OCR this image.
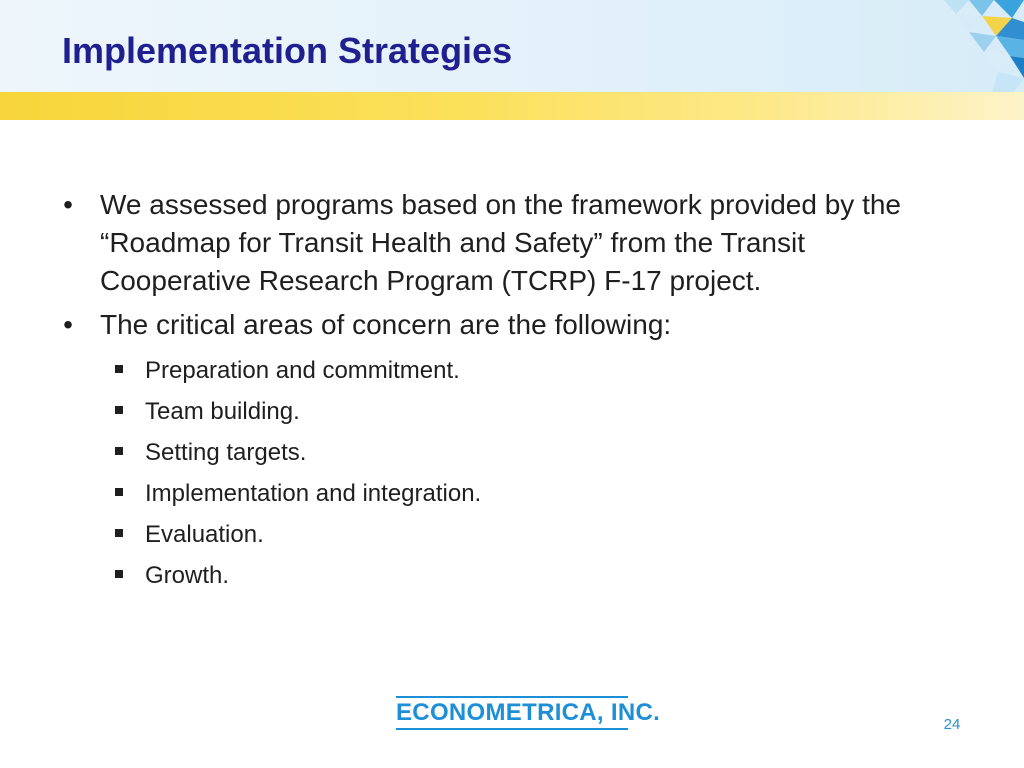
Implementation Strategies
• We assessed programs based on the framework provided by the “Roadmap for Transit Health and Safety” from the Transit Cooperative Research Program (TCRP) F-17 project.
• The critical areas of concern are the following:
Preparation and commitment.
Team building.
Setting targets.
Implementation and integration.
Evaluation.
Growth.
ECONOMETRICA, INC.	24
